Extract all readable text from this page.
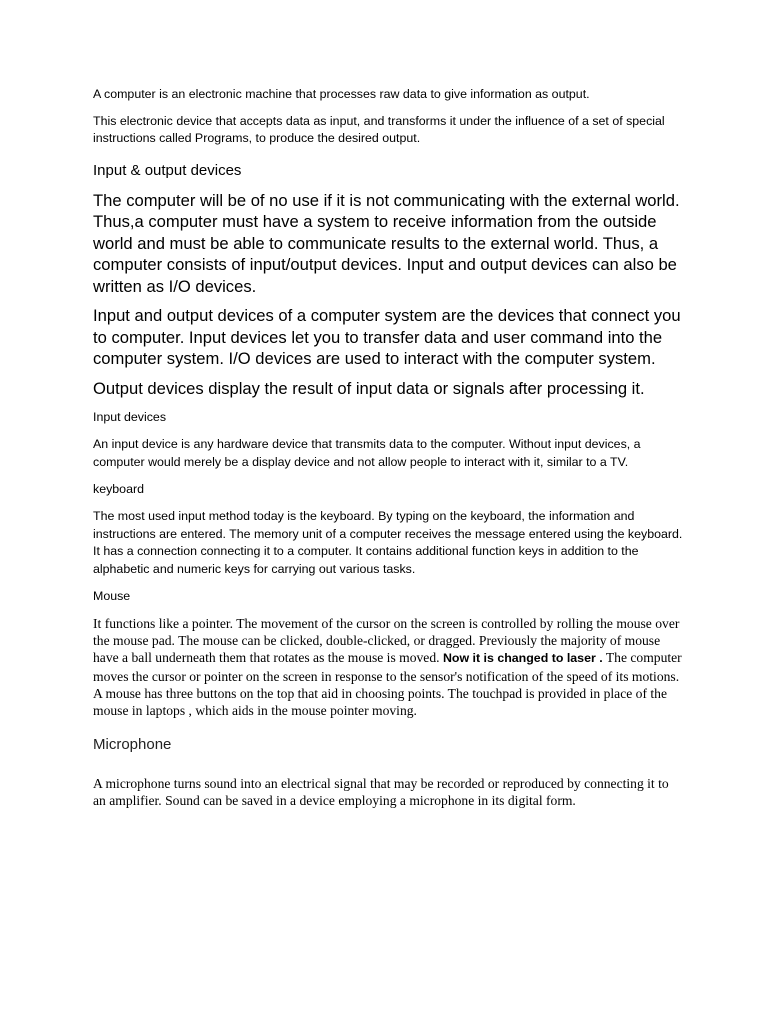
A computer is an electronic machine that processes raw data to give information as output.

This electronic device that accepts data as input, and transforms it under the influence of a set of special instructions called Programs, to produce the desired output.

Input & output devices

The computer will be of no use if it is not communicating with the external world. Thus,a computer must have a system to receive information from the outside world and must be able to communicate results to the external world. Thus, a computer consists of input/output devices. Input and output devices can also be written as I/O devices.

Input and output devices of a computer system are the devices that connect you to computer. Input devices let you to transfer data and user command into the computer system. I/O devices are used to interact with the computer system.

Output devices display the result of input data or signals after processing it.

Input devices

An input device is any hardware device that transmits data to the computer. Without input devices, a computer would merely be a display device and not allow people to interact with it, similar to a TV.

keyboard

The most used input method today is the keyboard. By typing on the keyboard, the information and instructions are entered. The memory unit of a computer receives the message entered using the keyboard. It has a connection connecting it to a computer. It contains additional function keys in addition to the alphabetic and numeric keys for carrying out various tasks.

Mouse

It functions like a pointer. The movement of the cursor on the screen is controlled by rolling the mouse over the mouse pad. The mouse can be clicked, double-clicked, or dragged. Previously the majority of mouse have a ball underneath them that rotates as the mouse is moved. Now it is changed to laser . The computer moves the cursor or pointer on the screen in response to the sensor's notification of the speed of its motions. A mouse has three buttons on the top that aid in choosing points. The touchpad is provided in place of the mouse in laptops , which aids in the mouse pointer moving.

Microphone

A microphone turns sound into an electrical signal that may be recorded or reproduced by connecting it to an amplifier. Sound can be saved in a device employing a microphone in its digital form.
